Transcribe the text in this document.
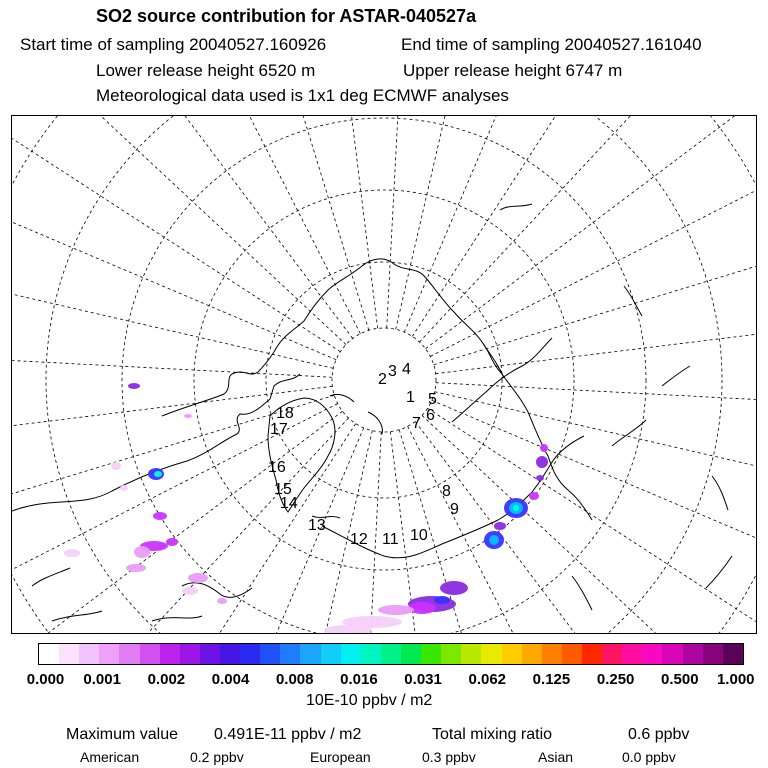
SO2 source contribution for ASTAR-040527a
Start time of sampling 20040527.160926	End time of sampling 20040527.161040
Lower release height 6520 m	Upper release height 6747 m
Meteorological data used is 1x1 deg ECMWF analyses
2 3 4
1 5
6
7
8
9
10
11
12
13
14
15
16
17
18
0.000 0.001 0.002 0.004 0.008 0.016 0.031 0.062 0.125 0.250 0.500 1.000
10E-10 ppbv / m2
Maximum value 0.491E-11 ppbv / m2	Total mixing ratio	0.6 ppbv
American	0.2 ppbv	European	0.3 ppbv	Asian	0.0 ppbv
